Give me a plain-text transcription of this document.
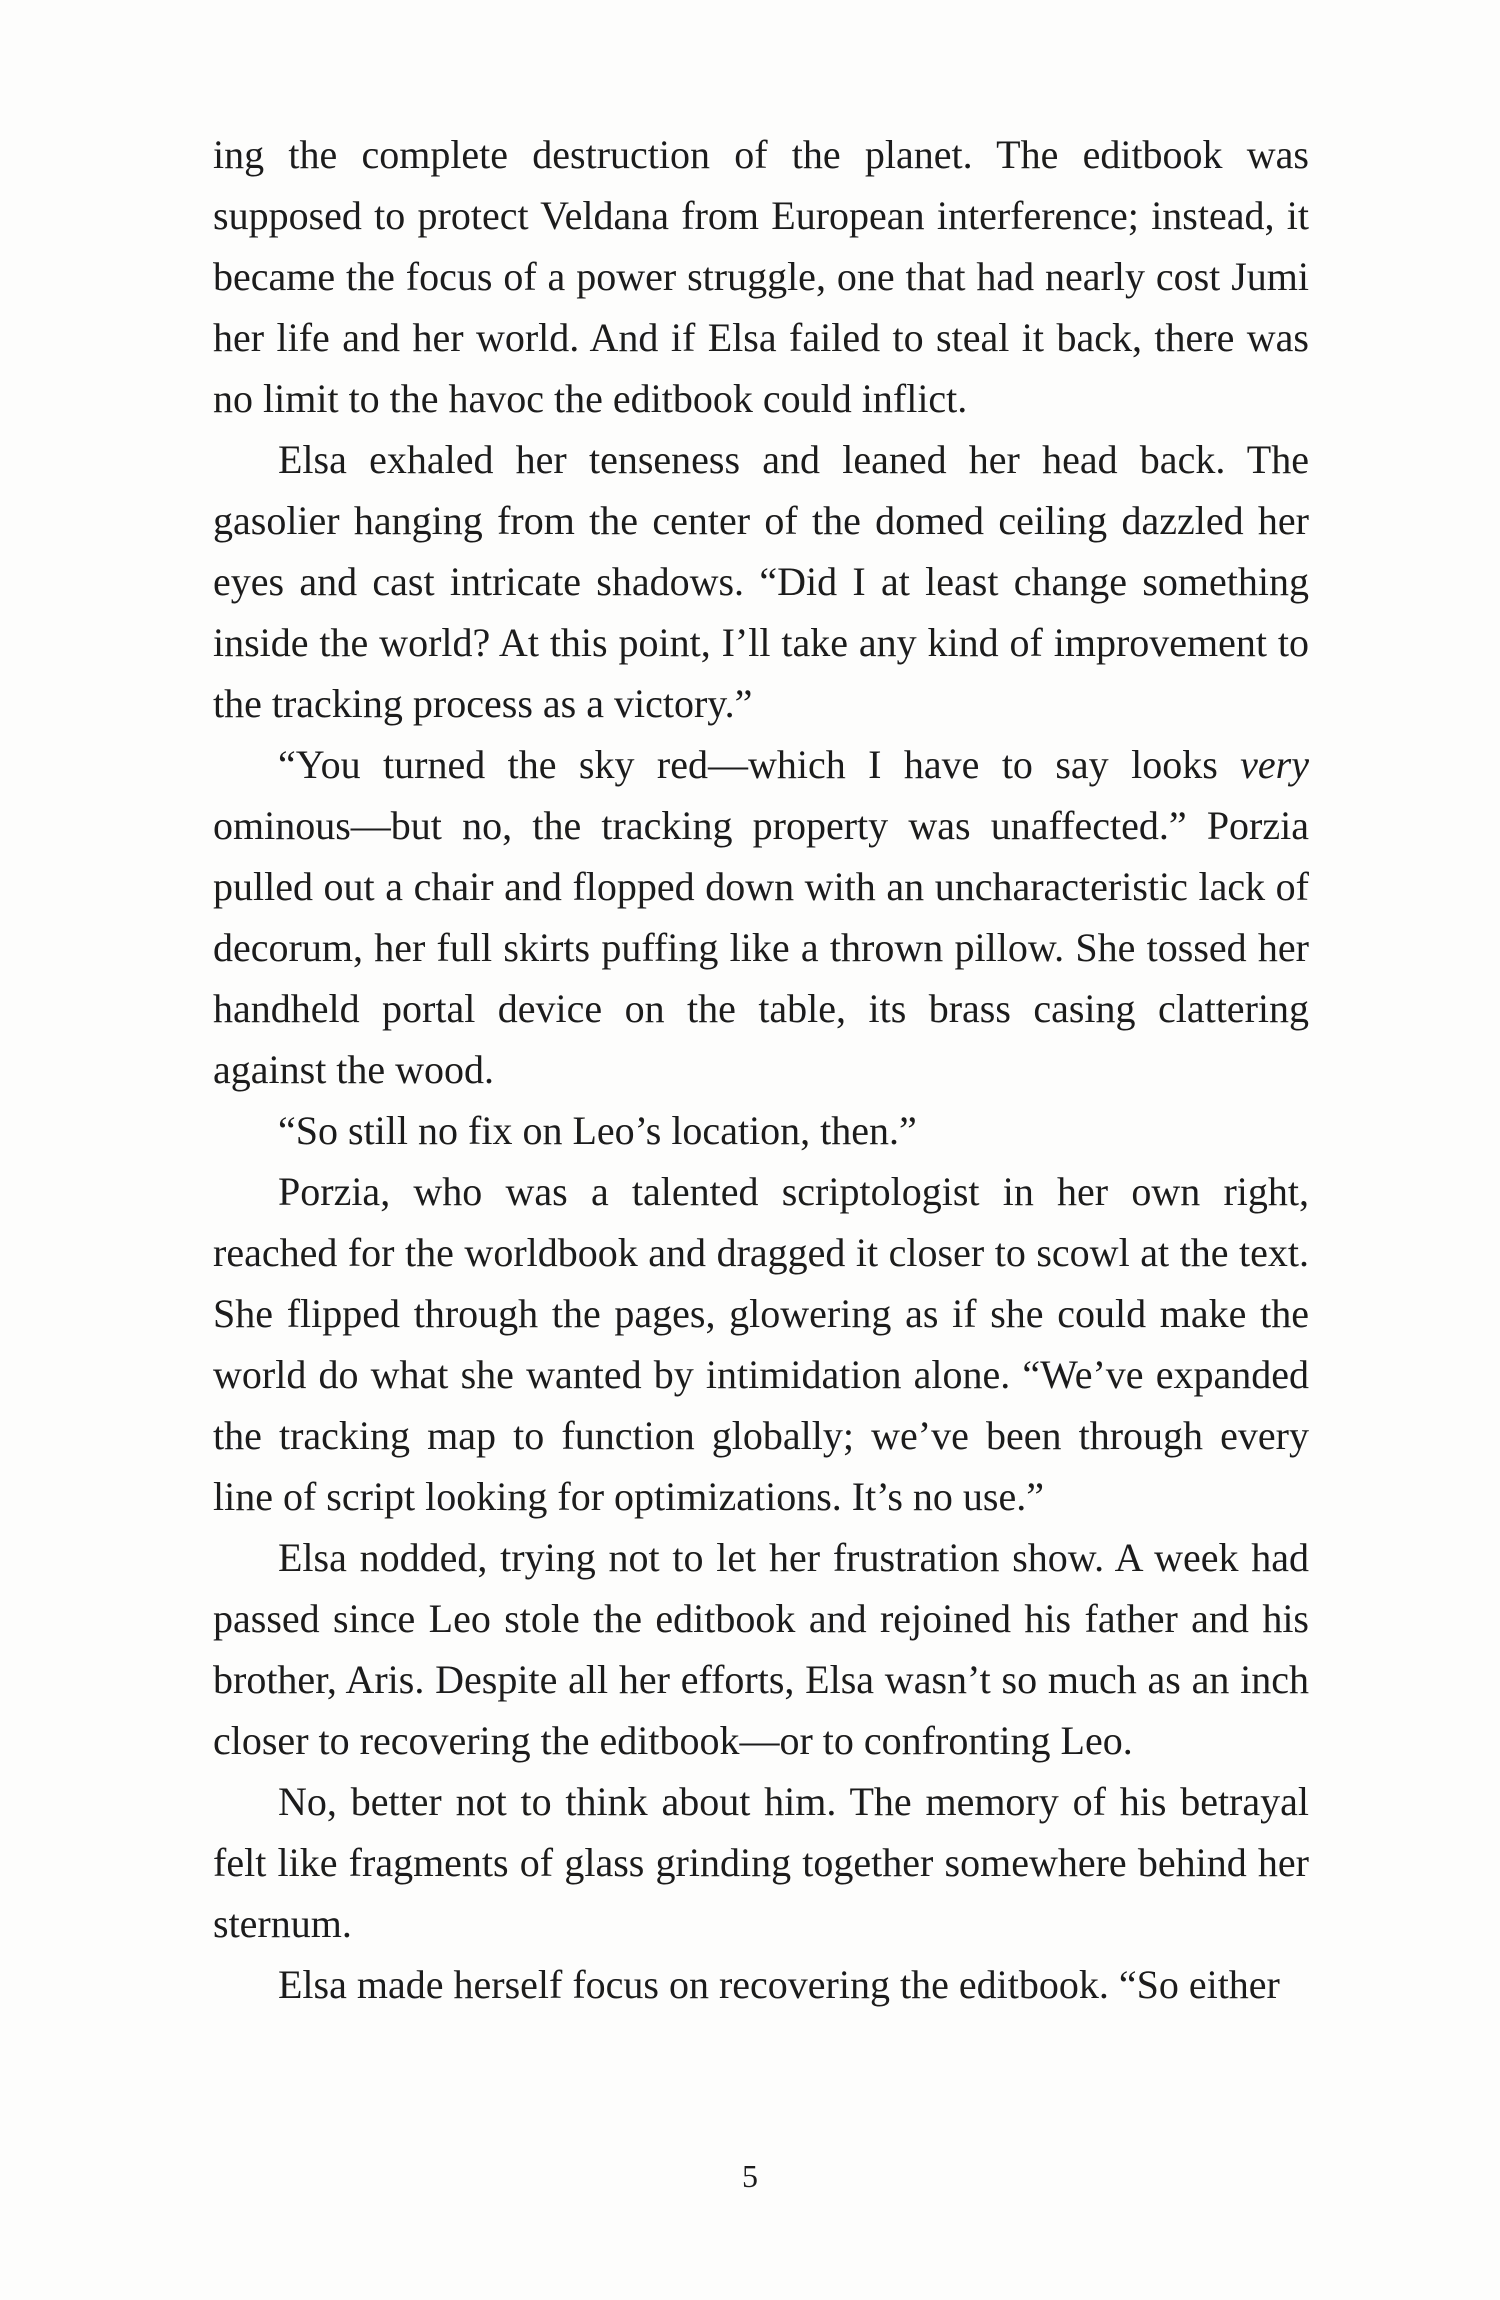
ing the complete destruction of the planet. The editbook was supposed to protect Veldana from European interference; instead, it became the focus of a power struggle, one that had nearly cost Jumi her life and her world. And if Elsa failed to steal it back, there was no limit to the havoc the editbook could inflict.

Elsa exhaled her tenseness and leaned her head back. The gasolier hanging from the center of the domed ceiling dazzled her eyes and cast intricate shadows. “Did I at least change something inside the world? At this point, I’ll take any kind of improvement to the tracking process as a victory.”

“You turned the sky red—which I have to say looks very ominous—but no, the tracking property was unaffected.” Porzia pulled out a chair and flopped down with an uncharacteristic lack of decorum, her full skirts puffing like a thrown pillow. She tossed her handheld portal device on the table, its brass casing clattering against the wood.

“So still no fix on Leo’s location, then.”

Porzia, who was a talented scriptologist in her own right, reached for the worldbook and dragged it closer to scowl at the text. She flipped through the pages, glowering as if she could make the world do what she wanted by intimidation alone. “We’ve expanded the tracking map to function globally; we’ve been through every line of script looking for optimizations. It’s no use.”

Elsa nodded, trying not to let her frustration show. A week had passed since Leo stole the editbook and rejoined his father and his brother, Aris. Despite all her efforts, Elsa wasn’t so much as an inch closer to recovering the editbook—or to confronting Leo.

No, better not to think about him. The memory of his betrayal felt like fragments of glass grinding together somewhere behind her sternum.

Elsa made herself focus on recovering the editbook. “So either

5
